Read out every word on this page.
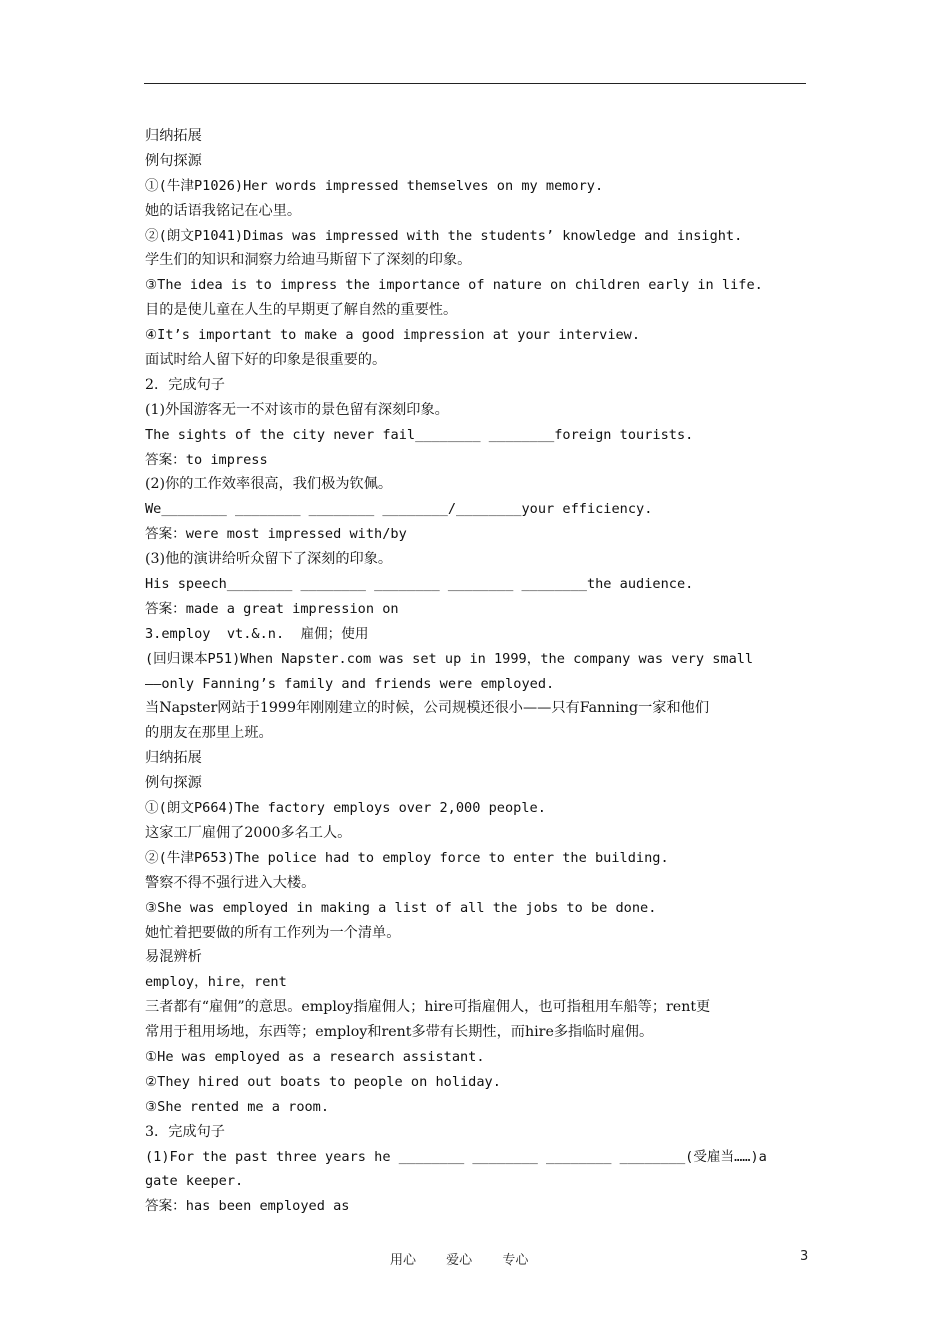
归纳拓展
例句探源
①(牛津P1026)Her words impressed themselves on my memory.
她的话语我铭记在心里。
②(朗文P1041)Dimas was impressed with the students’ knowledge and insight.
学生们的知识和洞察力给迪马斯留下了深刻的印象。
③The idea is to impress the importance of nature on children early in life.
目的是使儿童在人生的早期更了解自然的重要性。
④It’s important to make a good impression at your interview.
面试时给人留下好的印象是很重要的。
2．完成句子
(1)外国游客无一不对该市的景色留有深刻印象。
The sights of the city never fail________ ________foreign tourists.
答案：to impress
(2)你的工作效率很高，我们极为钦佩。
We________ ________ ________ ________/________your efficiency.
答案：were most impressed with/by
(3)他的演讲给听众留下了深刻的印象。
His speech________ ________ ________ ________ ________the audience.
答案：made a great impression on
3.employ  vt.&.n.  雇佣；使用
(回归课本P51)When Napster.com was set up in 1999，the company was very small
——only Fanning’s family and friends were employed.
当Napster网站于1999年刚刚建立的时候，公司规模还很小——只有Fanning一家和他们
的朋友在那里上班。
归纳拓展
例句探源
①(朗文P664)The factory employs over 2,000 people.
这家工厂雇佣了2000多名工人。
②(牛津P653)The police had to employ force to enter the building.
警察不得不强行进入大楼。
③She was employed in making a list of all the jobs to be done.
她忙着把要做的所有工作列为一个清单。
易混辨析
employ，hire，rent
三者都有“雇佣”的意思。employ指雇佣人；hire可指雇佣人，也可指租用车船等；rent更
常用于租用场地，东西等；employ和rent多带有长期性，而hire多指临时雇佣。
①He was employed as a research assistant.
②They hired out boats to people on holiday.
③She rented me a room.
3．完成句子
(1)For the past three years he ________ ________ ________ ________(受雇当……)a
gate keeper.
答案：has been employed as
用心 爱心 专心	3
